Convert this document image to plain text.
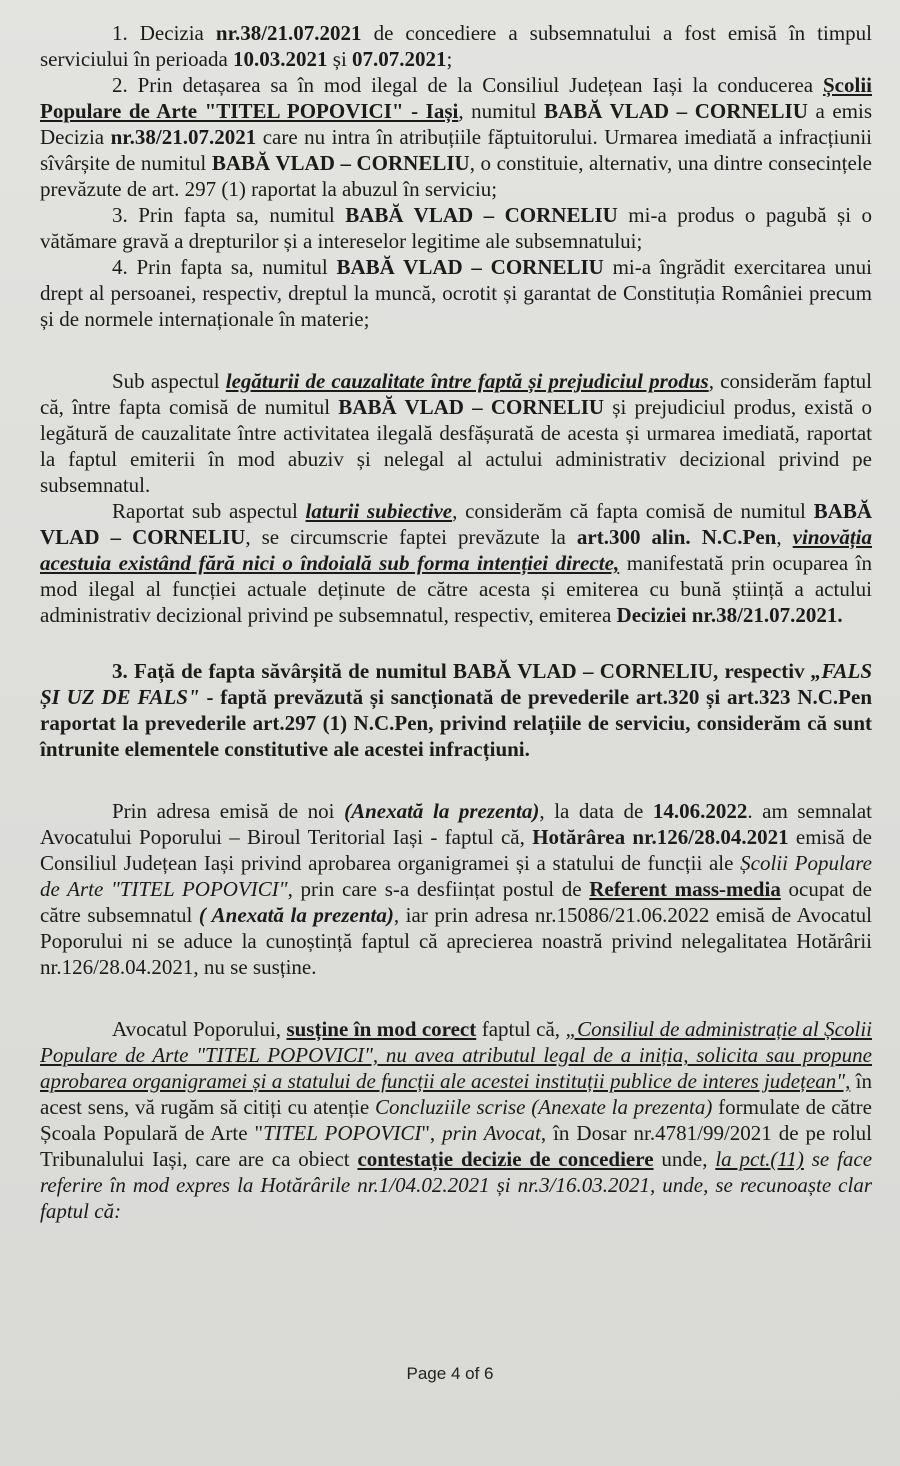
1. Decizia nr.38/21.07.2021 de concediere a subsemnatului a fost emisă în timpul serviciului în perioada 10.03.2021 și 07.07.2021;

2. Prin detașarea sa în mod ilegal de la Consiliul Județean Iași la conducerea Școlii Populare de Arte "TITEL POPOVICI" - Iași, numitul BABĂ VLAD – CORNELIU a emis Decizia nr.38/21.07.2021 care nu intra în atribuțiile făptuitorului. Urmarea imediată a infracțiunii sîvârșite de numitul BABĂ VLAD – CORNELIU, o constituie, alternativ, una dintre consecințele prevăzute de art. 297 (1) raportat la abuzul în serviciu;

3. Prin fapta sa, numitul BABĂ VLAD – CORNELIU mi-a produs o pagubă și o vătămare gravă a drepturilor și a intereselor legitime ale subsemnatului;

4. Prin fapta sa, numitul BABĂ VLAD – CORNELIU mi-a îngrădit exercitarea unui drept al persoanei, respectiv, dreptul la muncă, ocrotit și garantat de Constituția României precum și de normele internaționale în materie;

Sub aspectul legăturii de cauzalitate între faptă și prejudiciul produs, considerăm faptul că, între fapta comisă de numitul BABĂ VLAD – CORNELIU și prejudiciul produs, există o legătură de cauzalitate între activitatea ilegală desfășurată de acesta și urmarea imediată, raportat la faptul emiterii în mod abuziv și nelegal al actului administrativ decizional privind pe subsemnatul.

Raportat sub aspectul laturii subiective, considerăm că fapta comisă de numitul BABĂ VLAD – CORNELIU, se circumscrie faptei prevăzute la art.300 alin. N.C.Pen, vinovăția acestuia existând fără nici o îndoială sub forma intenției directe, manifestată prin ocuparea în mod ilegal al funcției actuale deținute de către acesta și emiterea cu bună știință a actului administrativ decizional privind pe subsemnatul, respectiv, emiterea Deciziei nr.38/21.07.2021.

3. Față de fapta săvârșită de numitul BABĂ VLAD – CORNELIU, respectiv „FALS ȘI UZ DE FALS" - faptă prevăzută și sancționată de prevederile art.320 și art.323 N.C.Pen raportat la prevederile art.297 (1) N.C.Pen, privind relațiile de serviciu, considerăm că sunt întrunite elementele constitutive ale acestei infracțiuni.

Prin adresa emisă de noi (Anexată la prezenta), la data de 14.06.2022. am semnalat Avocatului Poporului – Biroul Teritorial Iași - faptul că, Hotărârea nr.126/28.04.2021 emisă de Consiliul Județean Iași privind aprobarea organigramei și a statului de funcții ale Școlii Populare de Arte "TITEL POPOVICI", prin care s-a desființat postul de Referent mass-media ocupat de către subsemnatul ( Anexată la prezenta), iar prin adresa nr.15086/21.06.2022 emisă de Avocatul Poporului ni se aduce la cunoștință faptul că aprecierea noastră privind nelegalitatea Hotărârii nr.126/28.04.2021, nu se susține.

Avocatul Poporului, susține în mod corect faptul că, „Consiliul de administrație al Școlii Populare de Arte "TITEL POPOVICI", nu avea atributul legal de a iniția, solicita sau propune aprobarea organigramei și a statului de funcții ale acestei instituții publice de interes județean", în acest sens, vă rugăm să citiți cu atenție Concluziile scrise (Anexate la prezenta) formulate de către Școala Populară de Arte "TITEL POPOVICI", prin Avocat, în Dosar nr.4781/99/2021 de pe rolul Tribunalului Iași, care are ca obiect contestație decizie de concediere unde, la pct.(11) se face referire în mod expres la Hotărârile nr.1/04.02.2021 și nr.3/16.03.2021, unde, se recunoaște clar faptul că:

Page 4 of 6
